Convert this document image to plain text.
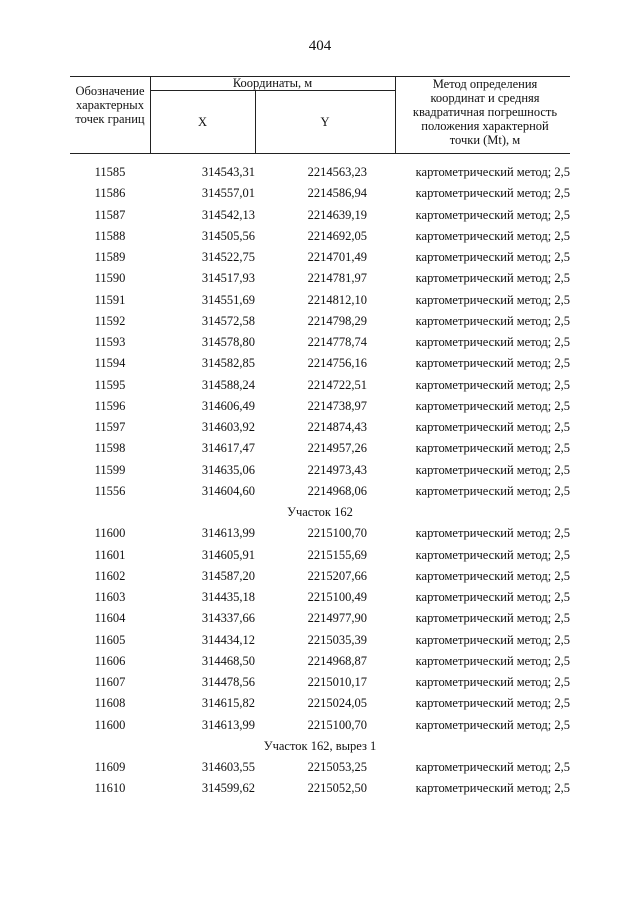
404
Обозначение характерных точек границ
Координаты, м
X	Y
Метод определения координат и средняя квадратичная погрешность положения характерной точки (Mt), м
11585	314543,31	2214563,23	картометрический метод; 2,5
11586	314557,01	2214586,94	картометрический метод; 2,5
11587	314542,13	2214639,19	картометрический метод; 2,5
11588	314505,56	2214692,05	картометрический метод; 2,5
11589	314522,75	2214701,49	картометрический метод; 2,5
11590	314517,93	2214781,97	картометрический метод; 2,5
11591	314551,69	2214812,10	картометрический метод; 2,5
11592	314572,58	2214798,29	картометрический метод; 2,5
11593	314578,80	2214778,74	картометрический метод; 2,5
11594	314582,85	2214756,16	картометрический метод; 2,5
11595	314588,24	2214722,51	картометрический метод; 2,5
11596	314606,49	2214738,97	картометрический метод; 2,5
11597	314603,92	2214874,43	картометрический метод; 2,5
11598	314617,47	2214957,26	картометрический метод; 2,5
11599	314635,06	2214973,43	картометрический метод; 2,5
11556	314604,60	2214968,06	картометрический метод; 2,5
Участок 162
11600	314613,99	2215100,70	картометрический метод; 2,5
11601	314605,91	2215155,69	картометрический метод; 2,5
11602	314587,20	2215207,66	картометрический метод; 2,5
11603	314435,18	2215100,49	картометрический метод; 2,5
11604	314337,66	2214977,90	картометрический метод; 2,5
11605	314434,12	2215035,39	картометрический метод; 2,5
11606	314468,50	2214968,87	картометрический метод; 2,5
11607	314478,56	2215010,17	картометрический метод; 2,5
11608	314615,82	2215024,05	картометрический метод; 2,5
11600	314613,99	2215100,70	картометрический метод; 2,5
Участок 162, вырез 1
11609	314603,55	2215053,25	картометрический метод; 2,5
11610	314599,62	2215052,50	картометрический метод; 2,5
